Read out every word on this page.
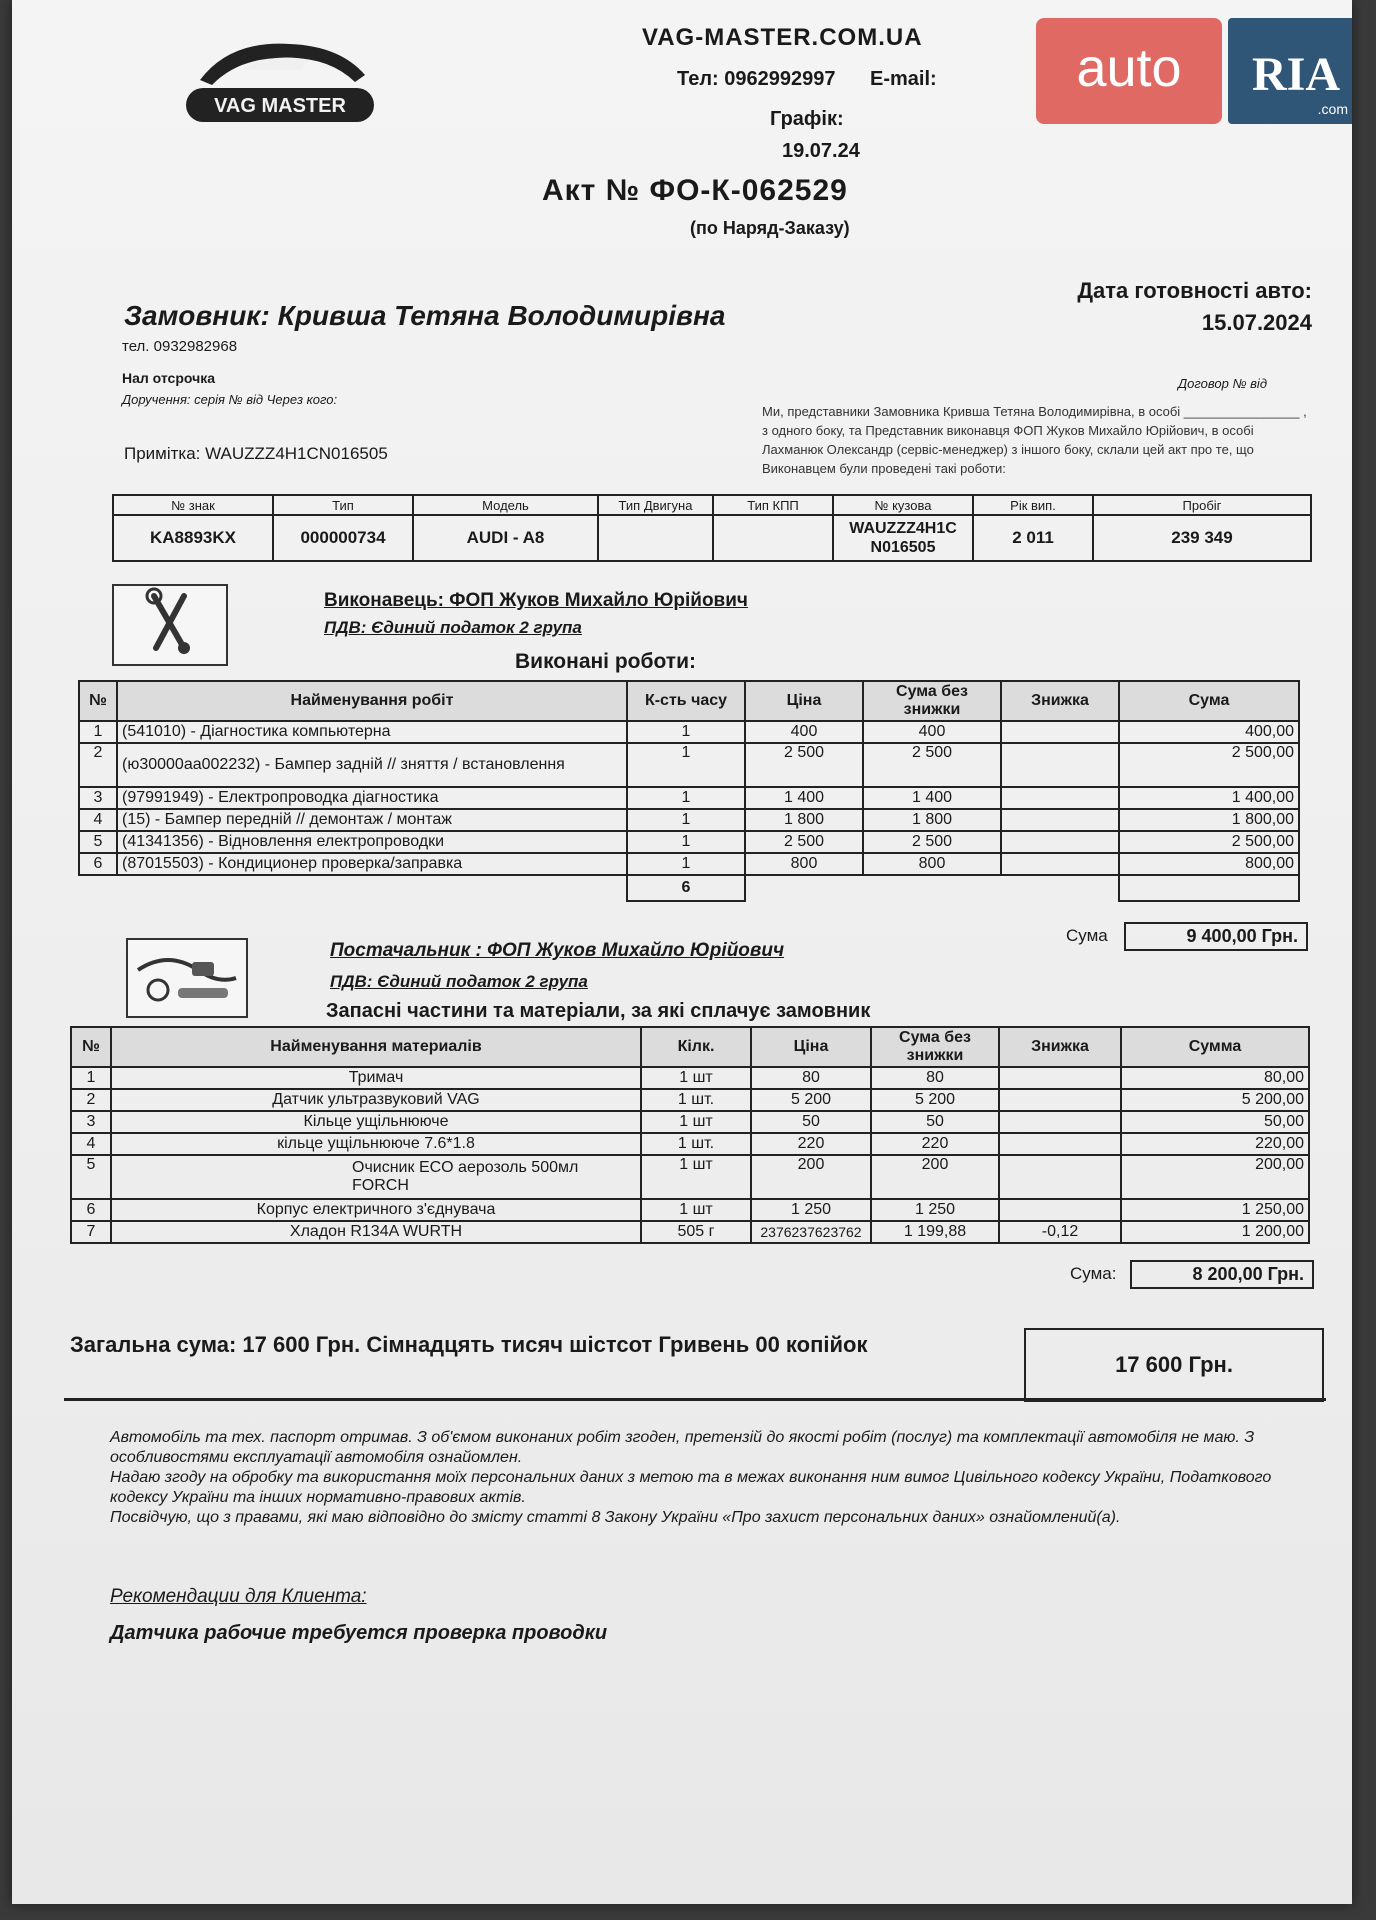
VAG MASTER
VAG-MASTER.COM.UA
Тел: 0962992997 E-mail:
Графік:
19.07.24
Акт № ФО-К-062529
(по Наряд-Заказу)
auto RIA
.com
Замовник: Кривша Тетяна Володимирівна
тел. 0932982968
Дата готовності авто:
15.07.2024
Нал отсрочка
Доручення: серія № від Через кого:
Договор № від
Ми, представники Замовника Кривша Тетяна Володимирівна, в особі ________________ , з одного боку, та Представник виконавця ФОП Жуков Михайло Юрійович, в особі Лахманюк Олександр (сервіс-менеджер) з іншого боку, склали цей акт про те, що Виконавцем були проведені такі роботи:
Примітка: WAUZZZ4H1CN016505
№ знак	Тип	Модель	Тип Двигуна	Тип КПП	№ кузова	Рік вип.	Пробіг
KA8893KX	000000734	AUDI - A8			WAUZZZ4H1C N016505	2 011	239 349
Виконавець: ФОП Жуков Михайло Юрійович
ПДВ: Єдиний податок 2 група
Виконані роботи:
№	Найменування робіт	К-сть часу	Ціна	Сума без знижки	Знижка	Сума
1	(541010) - Діагностика компьютерна	1	400	400		400,00
2	(ю30000аа002232) - Бампер задній // зняття / встановлення	1	2 500	2 500		2 500,00
3	(97991949) - Електропроводка діагностика	1	1 400	1 400		1 400,00
4	(15) - Бампер передній // демонтаж / монтаж	1	1 800	1 800		1 800,00
5	(41341356) - Відновлення електропроводки	1	2 500	2 500		2 500,00
6	(87015503) - Кондиционер проверка/заправка	1	800	800		800,00
		6				
Сума	9 400,00 Грн.
Постачальник : ФОП Жуков Михайло Юрійович
ПДВ: Єдиний податок 2 група
Запасні частини та матеріали, за які сплачує замовник
№	Найменування материалів	Кілк.	Ціна	Сума без знижки	Знижка	Сумма
1	Тримач	1 шт	80	80		80,00
2	Датчик ультразвуковий VAG	1 шт.	5 200	5 200		5 200,00
3	Кільце ущільнююче	1 шт	50	50		50,00
4	кільце ущільнююче 7.6*1.8	1 шт.	220	220		220,00
5	Очисник ECO аерозоль 500мл FORCH	1 шт	200	200		200,00
6	Корпус електричного з'єднувача	1 шт	1 250	1 250		1 250,00
7	Хладон R134A WURTH	505 г	2376237623762	1 199,88	-0,12	1 200,00
Сума:	8 200,00 Грн.
Загальна сума: 17 600 Грн. Сімнадцять тисяч шістсот Гривень 00 копійок
17 600 Грн.
Автомобіль та тех. паспорт отримав. З об'ємом виконаних робіт згоден, претензій до якості робіт (послуг) та комплектації автомобіля не маю. З особливостями експлуатації автомобіля ознайомлен.
Надаю згоду на обробку та використання моїх персональних даних з метою та в межах виконання ним вимог Цивільного кодексу України, Податкового кодексу України та інших нормативно-правових актів.
Посвідчую, що з правами, які маю відповідно до змісту статті 8 Закону України «Про захист персональних даних» ознайомлений(а).
Рекомендации для Клиента:
Датчика рабочие требуется проверка проводки
